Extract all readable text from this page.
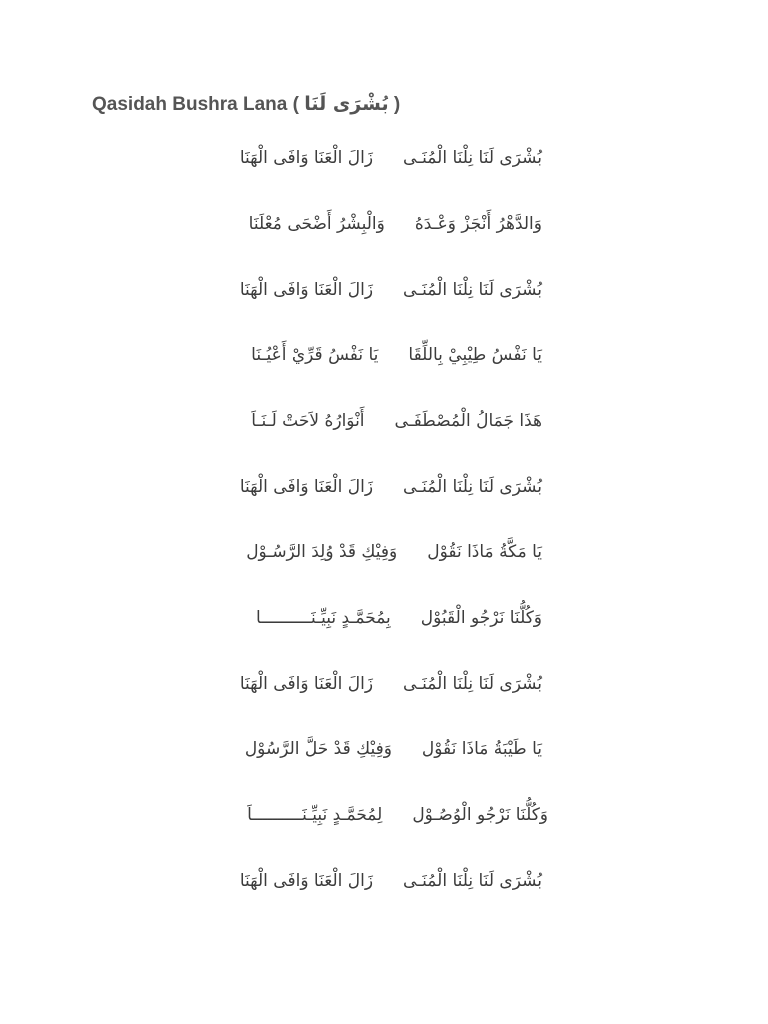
Qasidah Bushra Lana ( بُشْرَى لَنَا )
بُشْرَى لَنَا نِلْنَا الْمُنَـى
زَالَ الْعَنَا وَافَى الْهَنَا
وَالدَّهْرُ أَنْجَزْ وَعْـدَهُ
وَالْبِشْرُ أَضْحَى مُعْلَنَا
بُشْرَى لَنَا نِلْنَا الْمُنَـى
زَالَ الْعَنَا وَافَى الْهَنَا
يَا نَفْسُ طِيْبِيْ بِاللِّقَا
يَا نَفْسُ قَرِّيْ أَعْيُـنَا
هَذَا جَمَالُ الْمُصْطَفَـى
أَنْوَارُهُ لاَحَتْ لَـنَـاَ
بُشْرَى لَنَا نِلْنَا الْمُنَـى
زَالَ الْعَنَا وَافَى الْهَنَا
يَا مَكَّةُ مَاذَا نَقُوْل
وَفِيْكِ قَدْ وُلِدَ الرَّسُـوْل
وَكُلُّنَا نَرْجُو الْقَبُوْل
بِمُحَمَّـدٍ نَبِيِّـنَــــــــــا
بُشْرَى لَنَا نِلْنَا الْمُنَـى
زَالَ الْعَنَا وَافَى الْهَنَا
يَا طَيْبَةُ مَاذَا نَقُوْل
وَفِيْكِ قَدْ حَلَّ الرَّسُوْل
وَكُلُّنَا نَرْجُو الْوُصُـوْل
لِمُحَمَّـدٍ نَبِيِّـنَــــــــــاَ
بُشْرَى لَنَا نِلْنَا الْمُنَـى
زَالَ الْعَنَا وَافَى الْهَنَا
